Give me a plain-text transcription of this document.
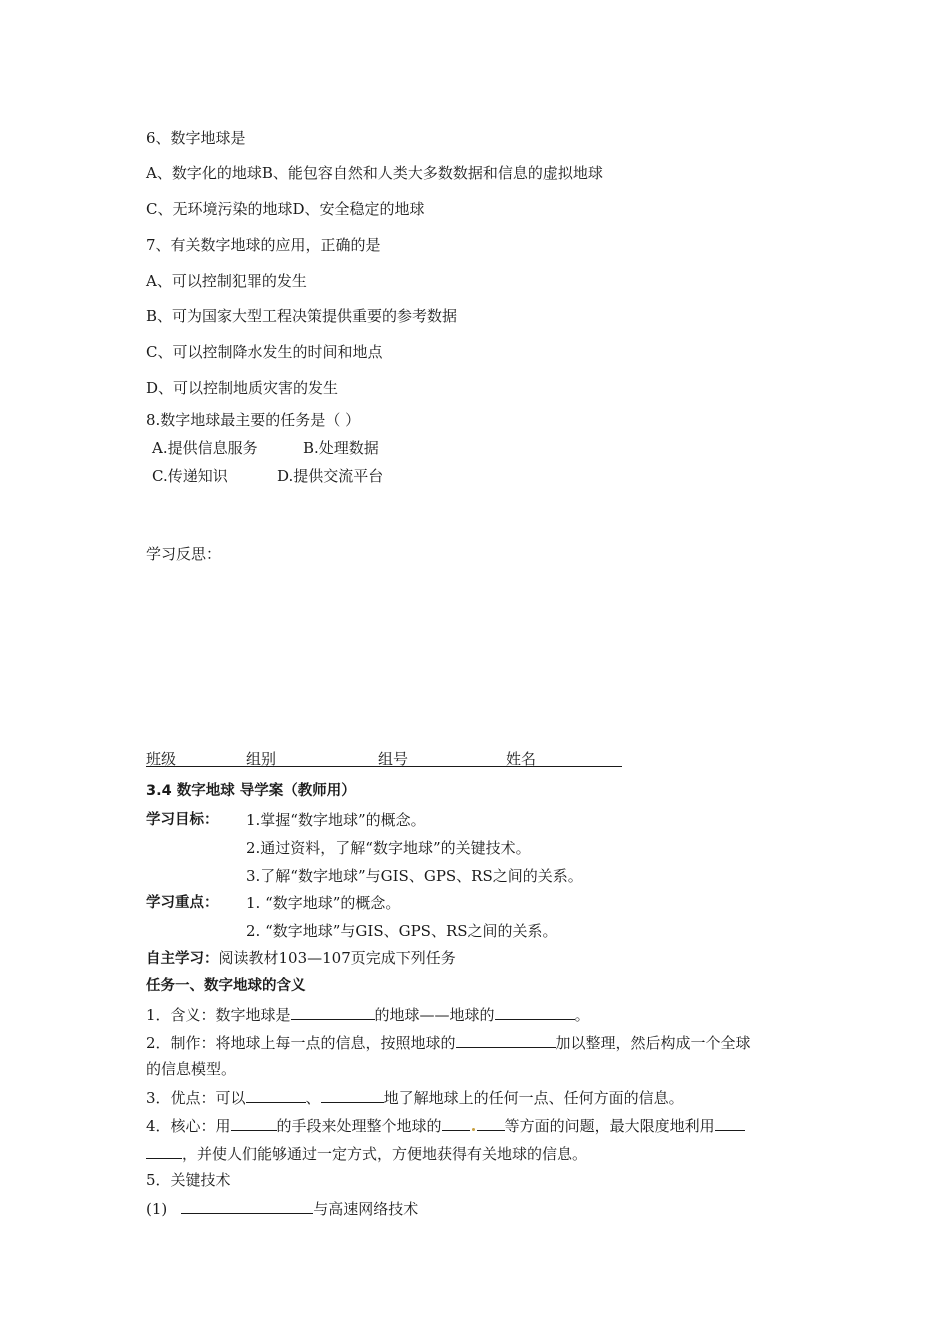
6、数字地球是
A、数字化的地球B、能包容自然和人类大多数数据和信息的虚拟地球
C、无环境污染的地球D、安全稳定的地球
7、有关数字地球的应用，正确的是
A、可以控制犯罪的发生
B、可为国家大型工程决策提供重要的参考数据
C、可以控制降水发生的时间和地点
D、可以控制地质灾害的发生
8.数字地球最主要的任务是（ ）
A.提供信息服务	B.处理数据
C.传递知识	D.提供交流平台
学习反思：
班级	组别	组号	姓名
3.4 数字地球 导学案（教师用）
学习目标： 1.掌握“数字地球”的概念。
2.通过资料，了解“数字地球”的关键技术。
3.了解“数字地球”与GIS、GPS、RS之间的关系。
学习重点： 1. “数字地球”的概念。
2. “数字地球”与GIS、GPS、RS之间的关系。
自主学习：阅读教材103—107页完成下列任务
任务一、数字地球的含义
1．含义：数字地球是	的地球——地球的	。
2．制作：将地球上每一点的信息，按照地球的	加以整理，然后构成一个全球
的信息模型。
3．优点：可以	、	地了解地球上的任何一点、任何方面的信息。
4．核心：用	的手段来处理整个地球的	等方面的问题，最大限度地利用
，并使人们能够通过一定方式，方便地获得有关地球的信息。
5．关键技术
(1)	与高速网络技术
